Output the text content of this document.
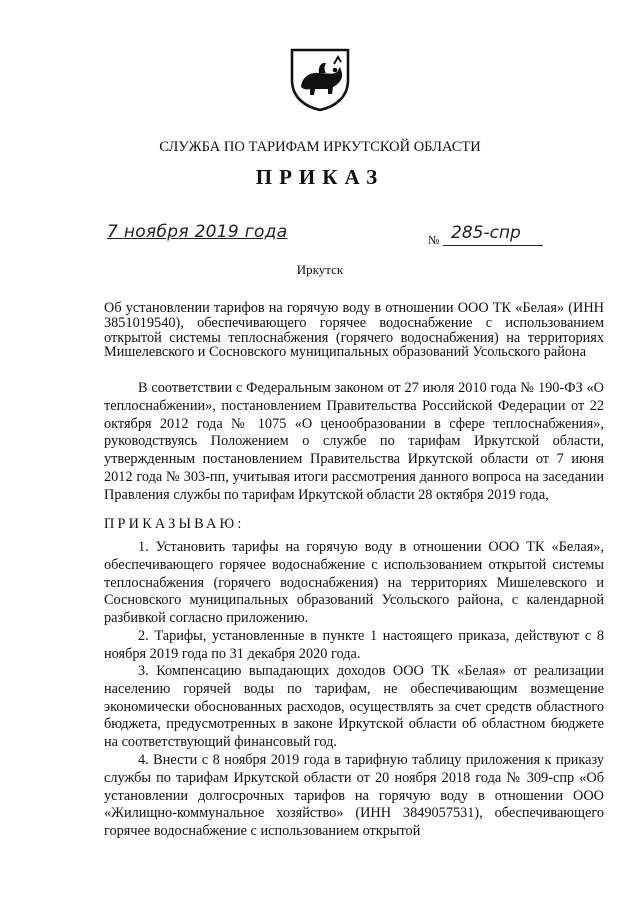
СЛУЖБА ПО ТАРИФАМ ИРКУТСКОЙ ОБЛАСТИ
ПРИКАЗ
7 ноября 2019 года	№ 285-спр
Иркутск
Об установлении тарифов на горячую воду в отношении ООО ТК «Белая» (ИНН 3851019540), обеспечивающего горячее водоснабжение с использованием открытой системы теплоснабжения (горячего водоснабжения) на территориях Мишелевского и Сосновского муниципальных образований Усольского района

В соответствии с Федеральным законом от 27 июля 2010 года № 190-ФЗ «О теплоснабжении», постановлением Правительства Российской Федерации от 22 октября 2012 года № 1075 «О ценообразовании в сфере теплоснабжения», руководствуясь Положением о службе по тарифам Иркутской области, утвержденным постановлением Правительства Иркутской области от 7 июня 2012 года № 303-пп, учитывая итоги рассмотрения данного вопроса на заседании Правления службы по тарифам Иркутской области 28 октября 2019 года,

ПРИКАЗЫВАЮ:

1. Установить тарифы на горячую воду в отношении ООО ТК «Белая», обеспечивающего горячее водоснабжение с использованием открытой системы теплоснабжения (горячего водоснабжения) на территориях Мишелевского и Сосновского муниципальных образований Усольского района, с календарной разбивкой согласно приложению.

2. Тарифы, установленные в пункте 1 настоящего приказа, действуют с 8 ноября 2019 года по 31 декабря 2020 года.

3. Компенсацию выпадающих доходов ООО ТК «Белая» от реализации населению горячей воды по тарифам, не обеспечивающим возмещение экономически обоснованных расходов, осуществлять за счет средств областного бюджета, предусмотренных в законе Иркутской области об областном бюджете на соответствующий финансовый год.

4. Внести с 8 ноября 2019 года в тарифную таблицу приложения к приказу службы по тарифам Иркутской области от 20 ноября 2018 года № 309-спр «Об установлении долгосрочных тарифов на горячую воду в отношении ООО «Жилищно-коммунальное хозяйство» (ИНН 3849057531), обеспечивающего горячее водоснабжение с использованием открытой
